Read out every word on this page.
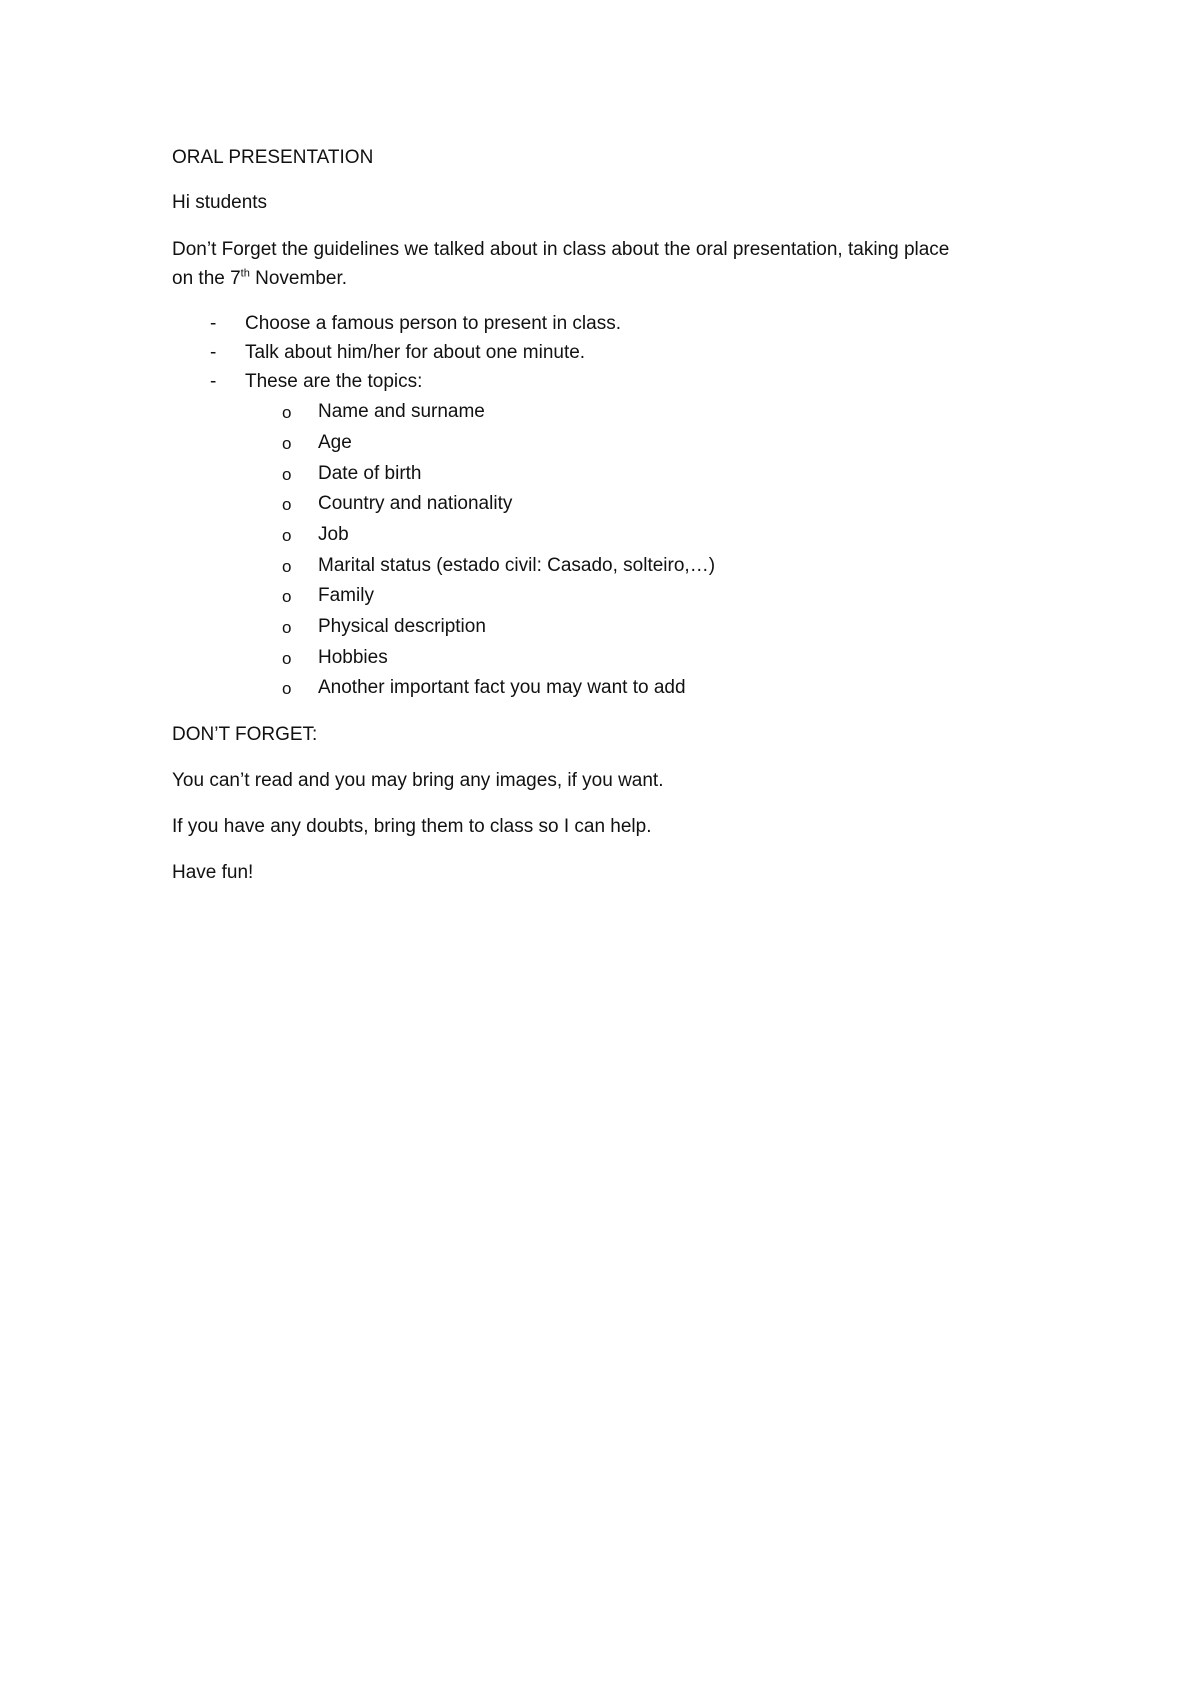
ORAL PRESENTATION
Hi students
Don’t Forget the guidelines we talked about in class about the oral presentation, taking place
on the 7th November.
- Choose a famous person to present in class.
- Talk about him/her for about one minute.
- These are the topics:
o Name and surname
o Age
o Date of birth
o Country and nationality
o Job
o Marital status (estado civil: Casado, solteiro,…)
o Family
o Physical description
o Hobbies
o Another important fact you may want to add
DON’T FORGET:
You can’t read and you may bring any images, if you want.
If you have any doubts, bring them to class so I can help.
Have fun!
